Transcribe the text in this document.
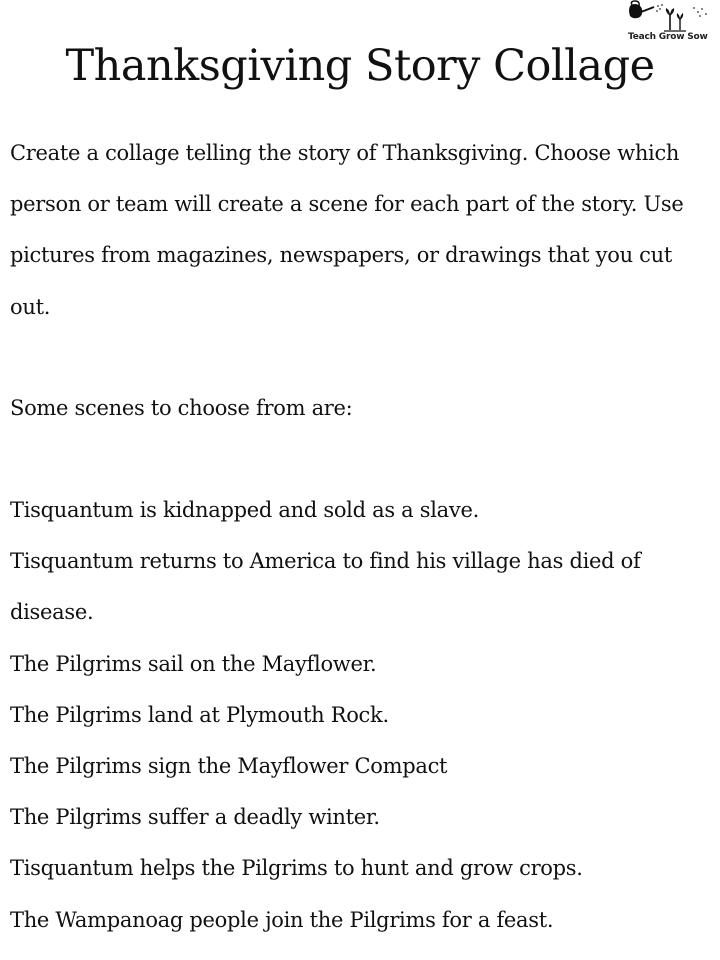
Teach Grow Sow
Thanksgiving Story Collage

Create a collage telling the story of Thanksgiving. Choose which person or team will create a scene for each part of the story. Use pictures from magazines, newspapers, or drawings that you cut out.

Some scenes to choose from are:

Tisquantum is kidnapped and sold as a slave.
Tisquantum returns to America to find his village has died of disease.
The Pilgrims sail on the Mayflower.
The Pilgrims land at Plymouth Rock.
The Pilgrims sign the Mayflower Compact
The Pilgrims suffer a deadly winter.
Tisquantum helps the Pilgrims to hunt and grow crops.
The Wampanoag people join the Pilgrims for a feast.
